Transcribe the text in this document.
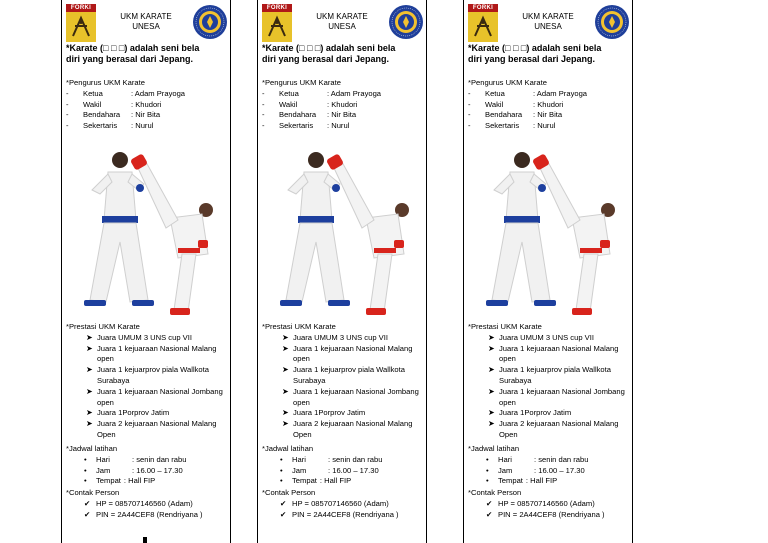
FORKI
UKM KARATE
UNESA
*Karate (□ □ □) adalah seni bela
diri yang berasal dari Jepang.
*Pengurus UKM Karate
-	Ketua	: Adam Prayoga
-	Wakil	: Khudori
-	Bendahara	: Nir Bita
-	Sekertaris	: Nurul
*Prestasi UKM Karate
➤ Juara UMUM 3 UNS cup VII
➤ Juara 1 kejuaraan Nasional Malang open
➤ Juara 1 kejuarprov piala Wallkota Surabaya
➤ Juara 1 kejuaraan Nasional Jombang open
➤ Juara 1Porprov Jatim
➤ Juara 2 kejuaraan Nasional Malang Open
*Jadwal latihan
• Hari	: senin dan rabu
• Jam	: 16.00 – 17.30
• Tempat : Hall FIP
*Contak Person
✔ HP = 085707146560 (Adam)
✔ PIN = 2A44CEF8 (Rendriyana )
FORKI
UKM KARATE
UNESA
*Karate (□ □ □) adalah seni bela
diri yang berasal dari Jepang.
*Pengurus UKM Karate
-	Ketua	: Adam Prayoga
-	Wakil	: Khudori
-	Bendahara	: Nir Bita
-	Sekertaris	: Nurul
*Prestasi UKM Karate
➤ Juara UMUM 3 UNS cup VII
➤ Juara 1 kejuaraan Nasional Malang open
➤ Juara 1 kejuarprov piala Wallkota Surabaya
➤ Juara 1 kejuaraan Nasional Jombang open
➤ Juara 1Porprov Jatim
➤ Juara 2 kejuaraan Nasional Malang Open
*Jadwal latihan
• Hari	: senin dan rabu
• Jam	: 16.00 – 17.30
• Tempat : Hall FIP
*Contak Person
✔ HP = 085707146560 (Adam)
✔ PIN = 2A44CEF8 (Rendriyana )
FORKI
UKM KARATE
UNESA
*Karate (□ □ □) adalah seni bela
diri yang berasal dari Jepang.
*Pengurus UKM Karate
-	Ketua	: Adam Prayoga
-	Wakil	: Khudori
-	Bendahara	: Nir Bita
-	Sekertaris	: Nurul
*Prestasi UKM Karate
➤ Juara UMUM 3 UNS cup VII
➤ Juara 1 kejuaraan Nasional Malang open
➤ Juara 1 kejuarprov piala Wallkota Surabaya
➤ Juara 1 kejuaraan Nasional Jombang open
➤ Juara 1Porprov Jatim
➤ Juara 2 kejuaraan Nasional Malang Open
*Jadwal latihan
• Hari	: senin dan rabu
• Jam	: 16.00 – 17.30
• Tempat : Hall FIP
*Contak Person
✔ HP = 085707146560 (Adam)
✔ PIN = 2A44CEF8 (Rendriyana )
